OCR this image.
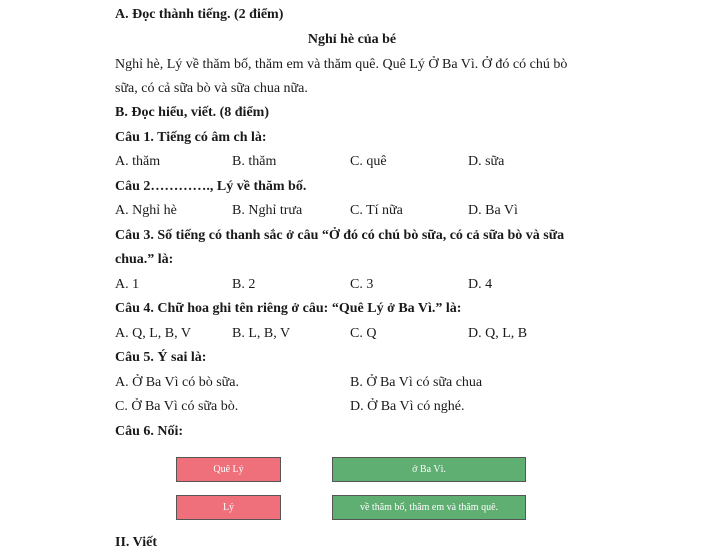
A. Đọc thành tiếng. (2 điểm)
Nghỉ hè của bé
Nghỉ hè, Lý về thăm bố, thăm em và thăm quê. Quê Lý Ở Ba Vì. Ở đó có chú bò
sữa, có cả sữa bò và sữa chua nữa.
B. Đọc hiểu, viết. (8 điểm)
Câu 1. Tiếng có âm ch là:
A. thăm	B. thăm	C. quê	D. sữa
Câu 2…………., Lý về thăm bố.
A. Nghỉ hè	B. Nghỉ trưa	C. Tí nữa	D. Ba Vì
Câu 3. Số tiếng có thanh sắc ở câu “Ở đó có chú bò sữa, có cả sữa bò và sữa
chua.” là:
A. 1	B. 2	C. 3	D. 4
Câu 4. Chữ hoa ghi tên riêng ở câu: “Quê Lý ở Ba Vì.” là:
A. Q, L, B, V	B. L, B, V	C. Q	D. Q, L, B
Câu 5. Ý sai là:
A. Ở Ba Vì có bò sữa.	B. Ở Ba Vì có sữa chua
C. Ở Ba Vì có sữa bò.	D. Ở Ba Vì có nghé.
Câu 6. Nối:
Quê Lý
Lý
ở Ba Vì.
về thăm bố, thăm em và thăm quê.
II. Viết
